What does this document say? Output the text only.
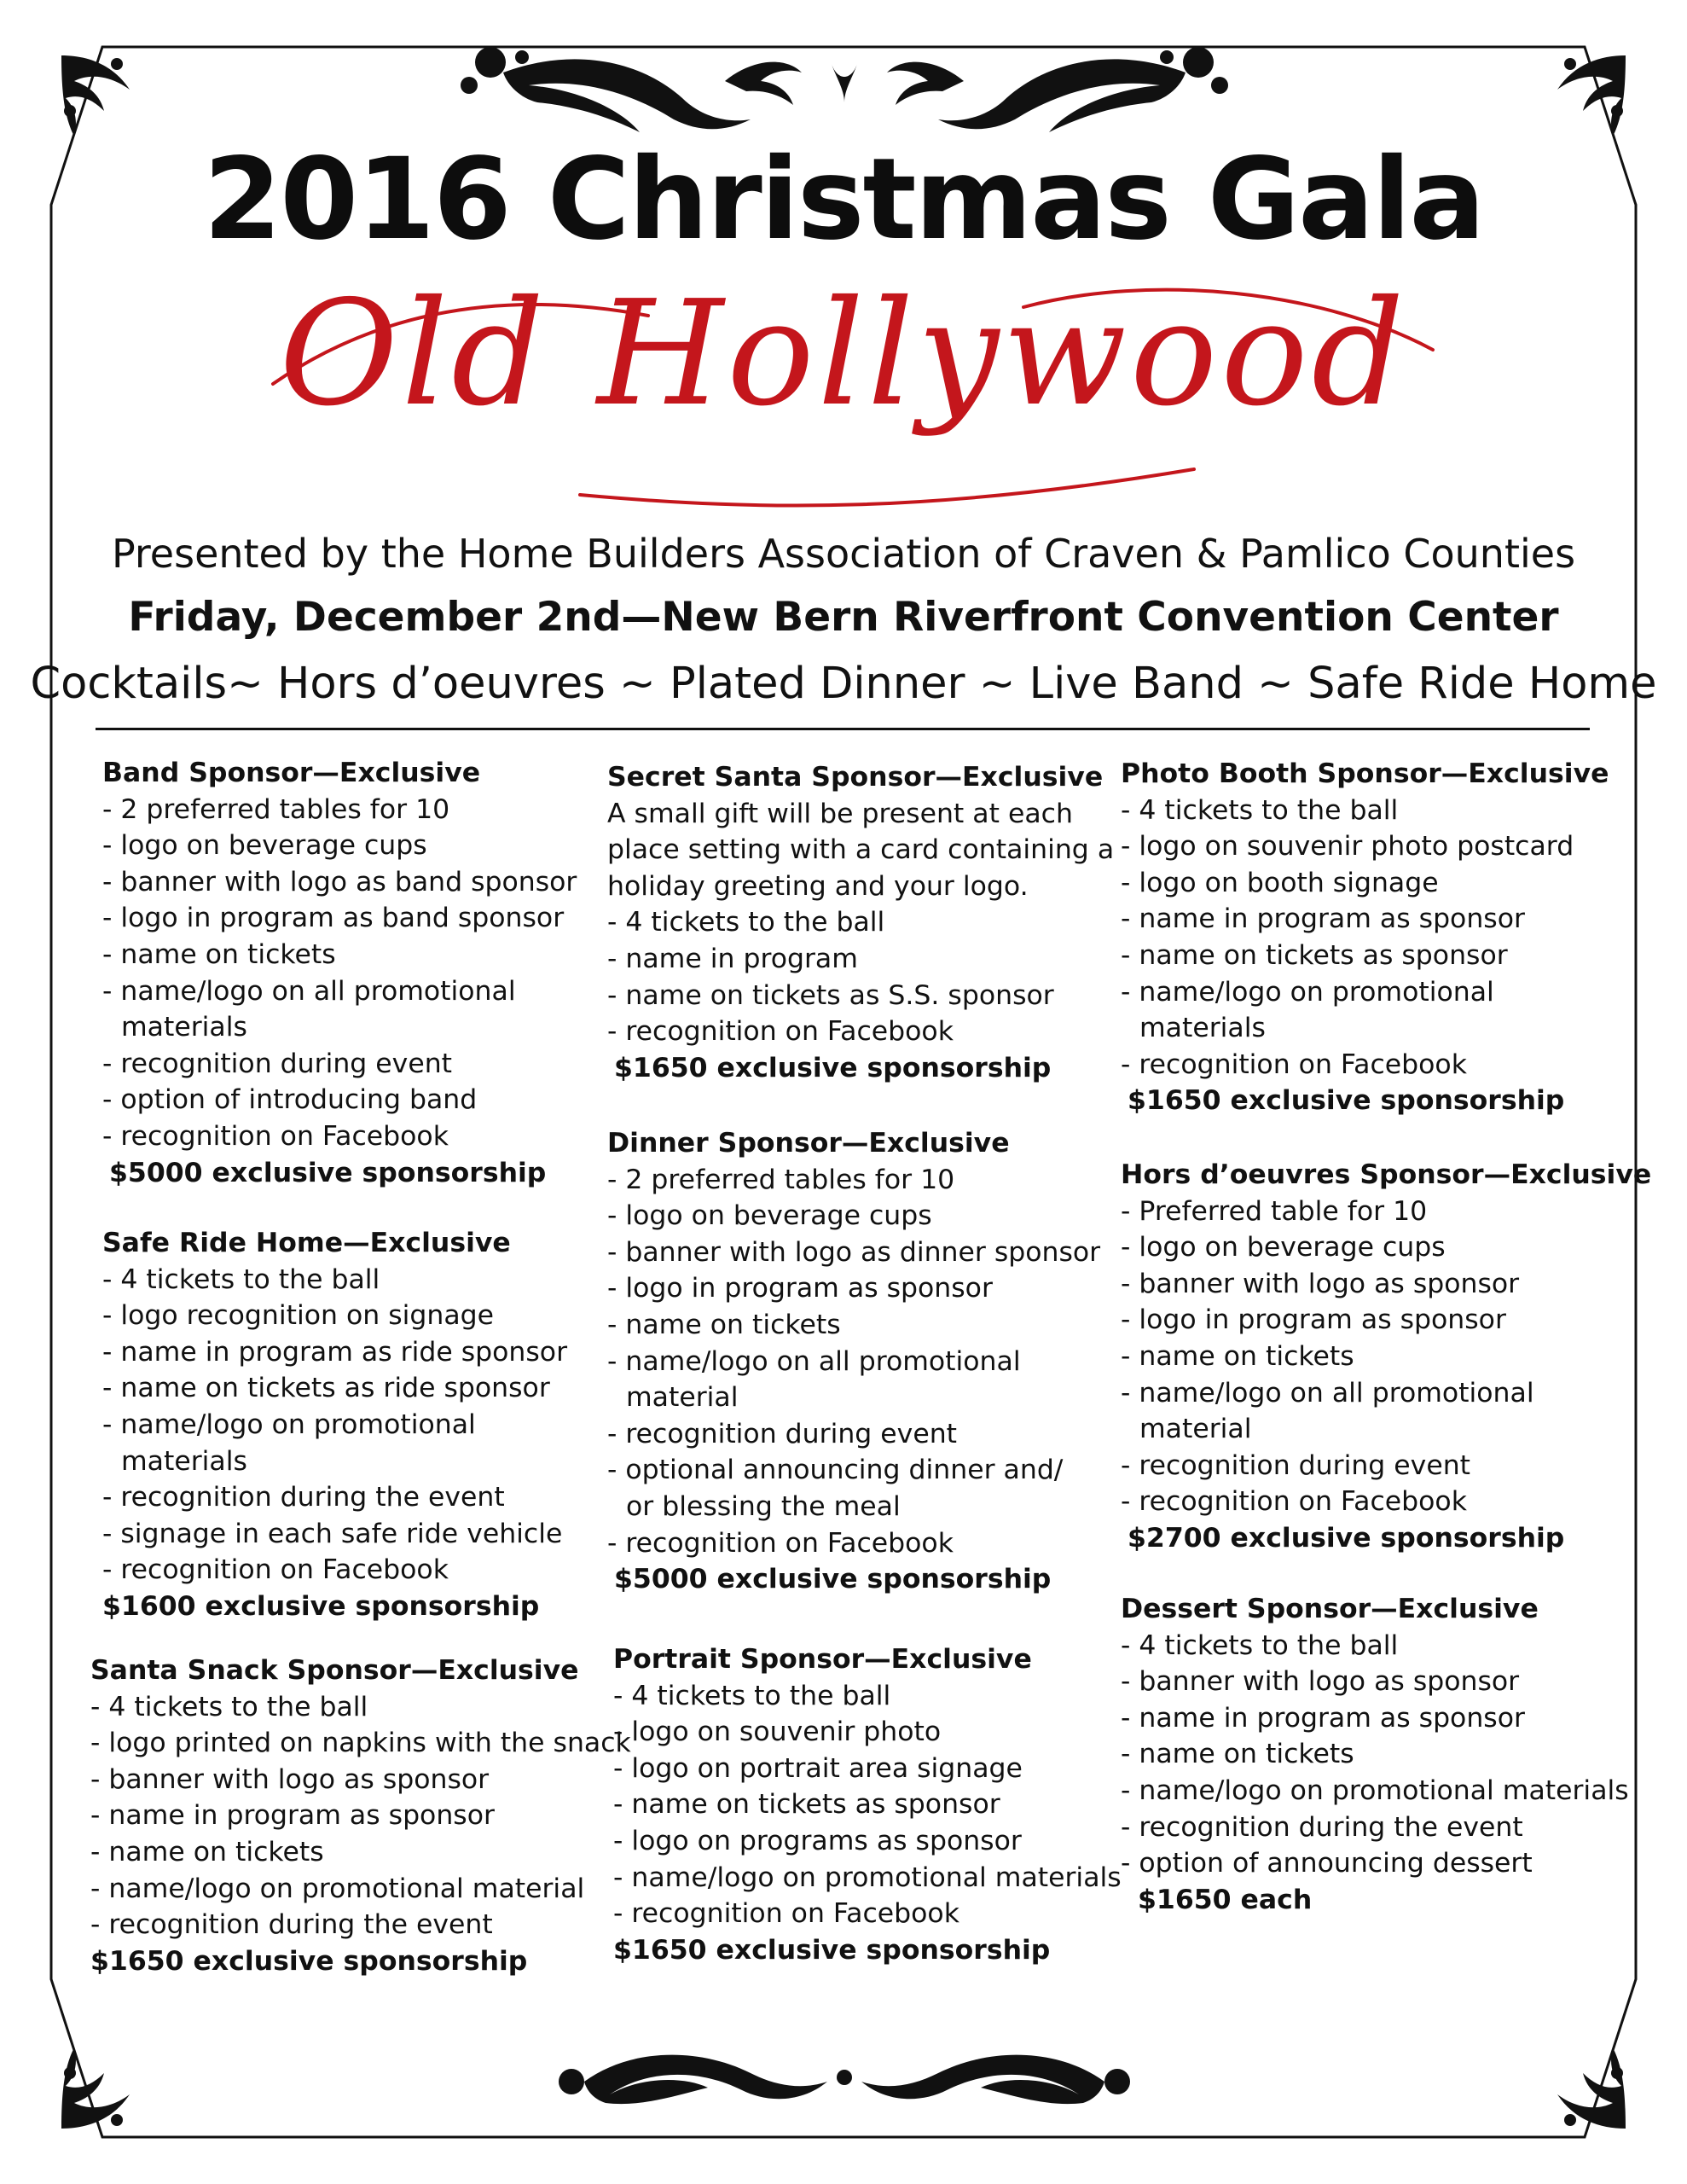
2016 Christmas Gala
Old Hollywood

Presented by the Home Builders Association of Craven & Pamlico Counties

Friday, December 2nd—New Bern Riverfront Convention Center

Cocktails~ Hors d’oeuvres ~ Plated Dinner ~ Live Band ~ Safe Ride Home

Band Sponsor—Exclusive
- 2 preferred tables for 10
- logo on beverage cups
- banner with logo as band sponsor
- logo in program as band sponsor
- name on tickets
- name/logo on all promotional
materials
- recognition during event
- option of introducing band
- recognition on Facebook
$5000 exclusive sponsorship
Safe Ride Home—Exclusive
- 4 tickets to the ball
- logo recognition on signage
- name in program as ride sponsor
- name on tickets as ride sponsor
- name/logo on promotional
materials
- recognition during the event
- signage in each safe ride vehicle
- recognition on Facebook
$1600 exclusive sponsorship
Santa Snack Sponsor—Exclusive
- 4 tickets to the ball
- logo printed on napkins with the snack
- banner with logo as sponsor
- name in program as sponsor
- name on tickets
- name/logo on promotional material
- recognition during the event
$1650 exclusive sponsorship
Secret Santa Sponsor—Exclusive
A small gift will be present at each
place setting with a card containing a
holiday greeting and your logo.
- 4 tickets to the ball
- name in program
- name on tickets as S.S. sponsor
- recognition on Facebook
$1650 exclusive sponsorship
Dinner Sponsor—Exclusive
- 2 preferred tables for 10
- logo on beverage cups
- banner with logo as dinner sponsor
- logo in program as sponsor
- name on tickets
- name/logo on all promotional
material
- recognition during event
- optional announcing dinner and/
or blessing the meal
- recognition on Facebook
$5000 exclusive sponsorship
Portrait Sponsor—Exclusive
- 4 tickets to the ball
- logo on souvenir photo
- logo on portrait area signage
- name on tickets as sponsor
- logo on programs as sponsor
- name/logo on promotional materials
- recognition on Facebook
$1650 exclusive sponsorship
Photo Booth Sponsor—Exclusive
- 4 tickets to the ball
- logo on souvenir photo postcard
- logo on booth signage
- name in program as sponsor
- name on tickets as sponsor
- name/logo on promotional
materials
- recognition on Facebook
$1650 exclusive sponsorship
Hors d’oeuvres Sponsor—Exclusive
- Preferred table for 10
- logo on beverage cups
- banner with logo as sponsor
- logo in program as sponsor
- name on tickets
- name/logo on all promotional
material
- recognition during event
- recognition on Facebook
$2700 exclusive sponsorship
Dessert Sponsor—Exclusive
- 4 tickets to the ball
- banner with logo as sponsor
- name in program as sponsor
- name on tickets
- name/logo on promotional materials
- recognition during the event
- option of announcing dessert
$1650 each
